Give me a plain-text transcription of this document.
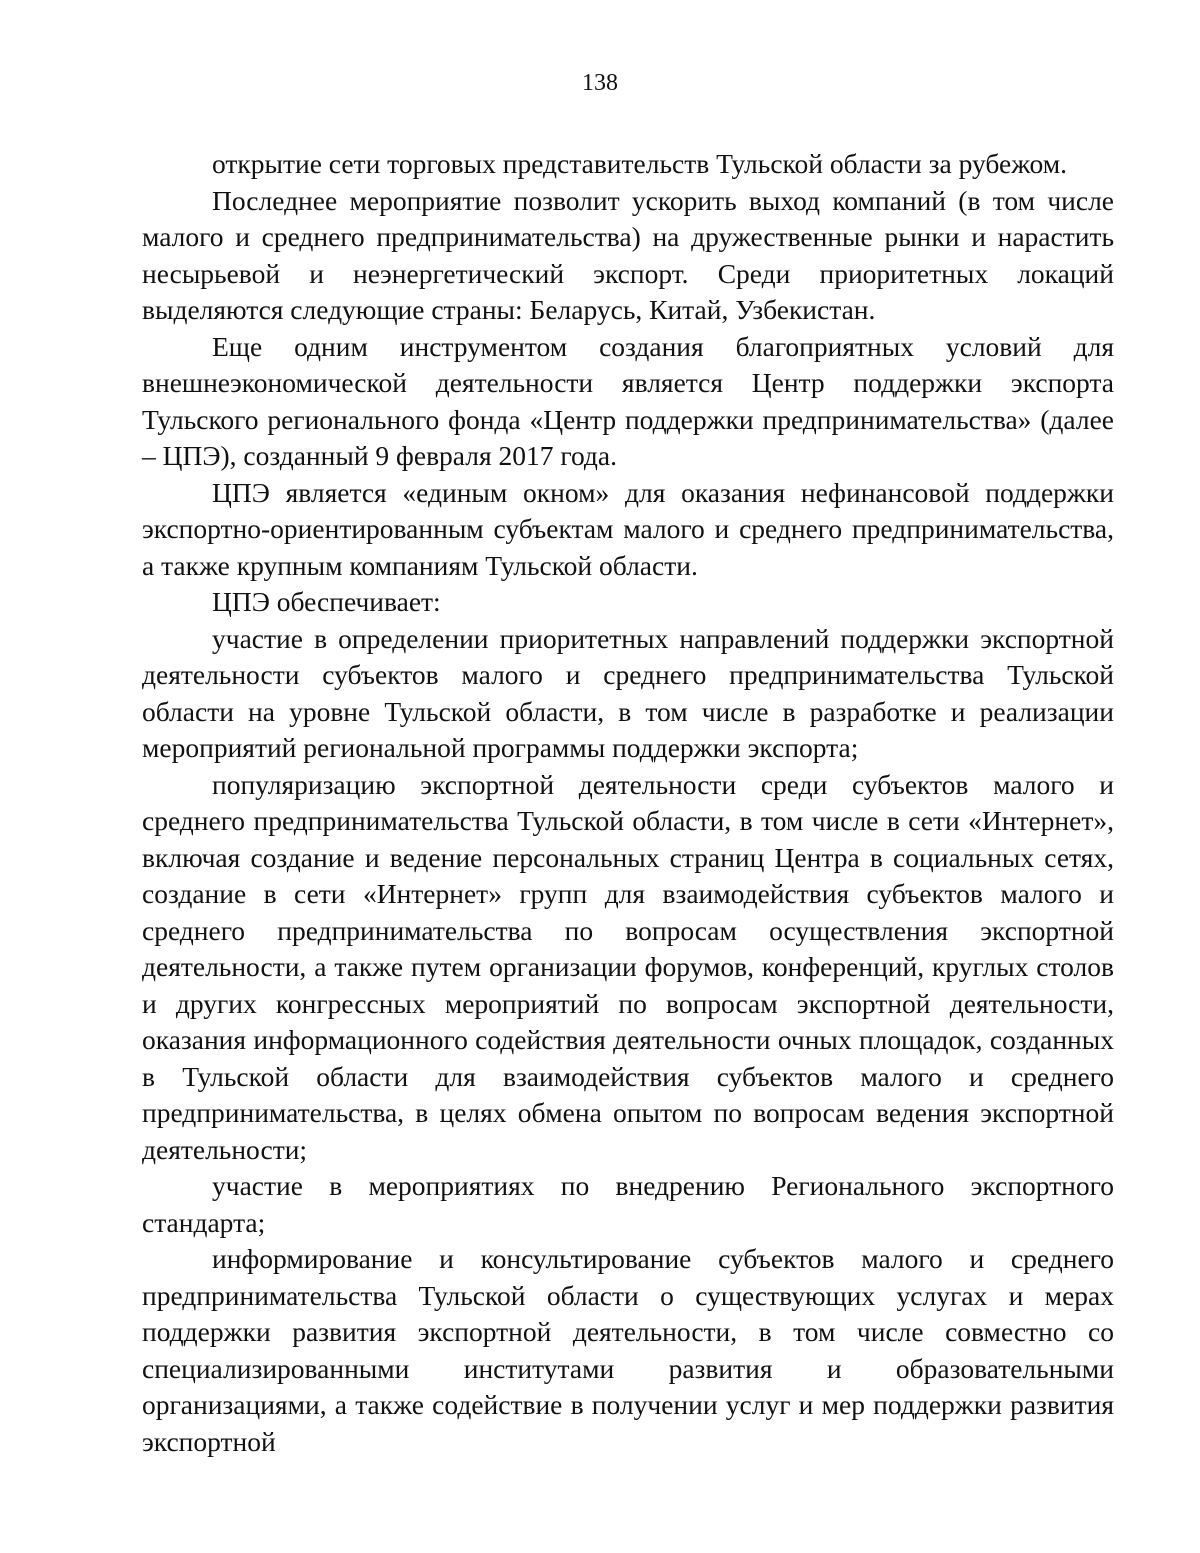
138

открытие сети торговых представительств Тульской области за рубежом.

Последнее мероприятие позволит ускорить выход компаний (в том числе малого и среднего предпринимательства) на дружественные рынки и нарастить несырьевой и неэнергетический экспорт. Среди приоритетных локаций выделяются следующие страны: Беларусь, Китай, Узбекистан.

Еще одним инструментом создания благоприятных условий для внешнеэкономической деятельности является Центр поддержки экспорта Тульского регионального фонда «Центр поддержки предпринимательства» (далее – ЦПЭ), созданный 9 февраля 2017 года.

ЦПЭ является «единым окном» для оказания нефинансовой поддержки экспортно-ориентированным субъектам малого и среднего предпринимательства, а также крупным компаниям Тульской области.

ЦПЭ обеспечивает:

участие в определении приоритетных направлений поддержки экспортной деятельности субъектов малого и среднего предпринимательства Тульской области на уровне Тульской области, в том числе в разработке и реализации мероприятий региональной программы поддержки экспорта;

популяризацию экспортной деятельности среди субъектов малого и среднего предпринимательства Тульской области, в том числе в сети «Интернет», включая создание и ведение персональных страниц Центра в социальных сетях, создание в сети «Интернет» групп для взаимодействия субъектов малого и среднего предпринимательства по вопросам осуществления экспортной деятельности, а также путем организации форумов, конференций, круглых столов и других конгрессных мероприятий по вопросам экспортной деятельности, оказания информационного содействия деятельности очных площадок, созданных в Тульской области для взаимодействия субъектов малого и среднего предпринимательства, в целях обмена опытом по вопросам ведения экспортной деятельности;

участие в мероприятиях по внедрению Регионального экспортного стандарта;

информирование и консультирование субъектов малого и среднего предпринимательства Тульской области о существующих услугах и мерах поддержки развития экспортной деятельности, в том числе совместно со специализированными институтами развития и образовательными организациями, а также содействие в получении услуг и мер поддержки развития экспортной
